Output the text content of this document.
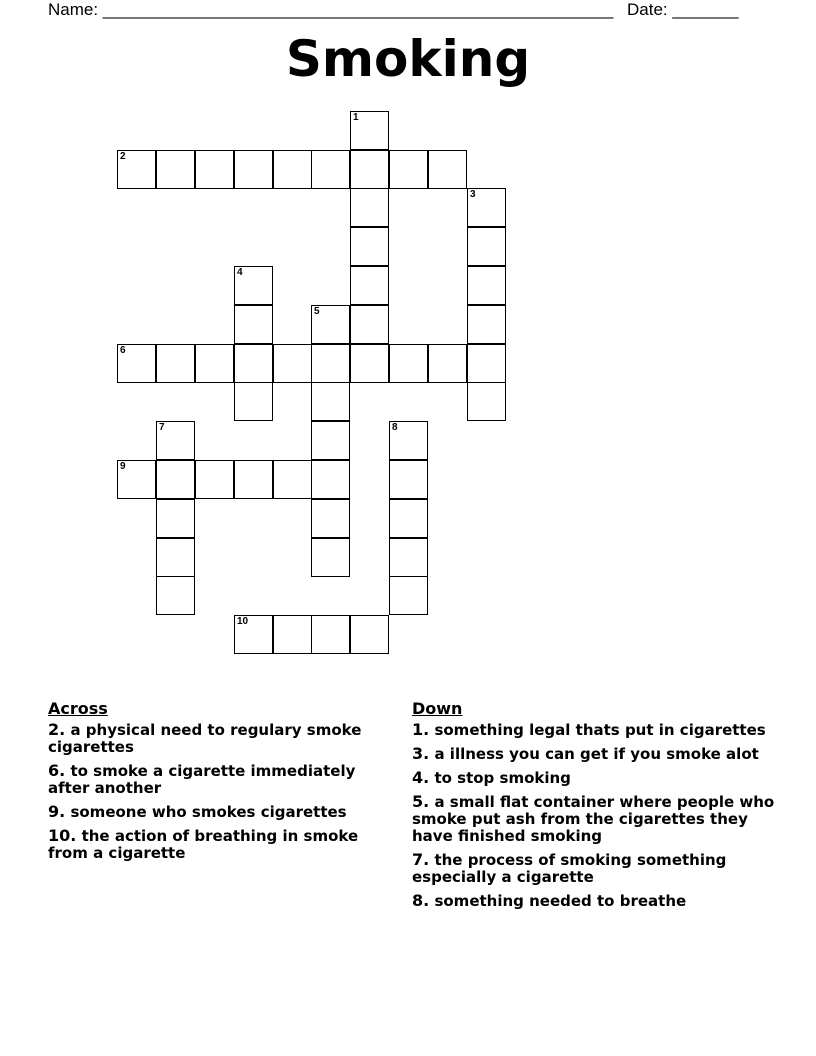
Name: ______________________________________________________ Date: _______
Smoking
1
2
3
4
5
6
7	8
9
10
Across
2. a physical need to regulary smoke cigarettes
6. to smoke a cigarette immediately after another
9. someone who smokes cigarettes
10. the action of breathing in smoke from a cigarette
Down
1. something legal thats put in cigarettes
3. a illness you can get if you smoke alot
4. to stop smoking
5. a small flat container where people who smoke put ash from the cigarettes they have finished smoking
7. the process of smoking something especially a cigarette
8. something needed to breathe
